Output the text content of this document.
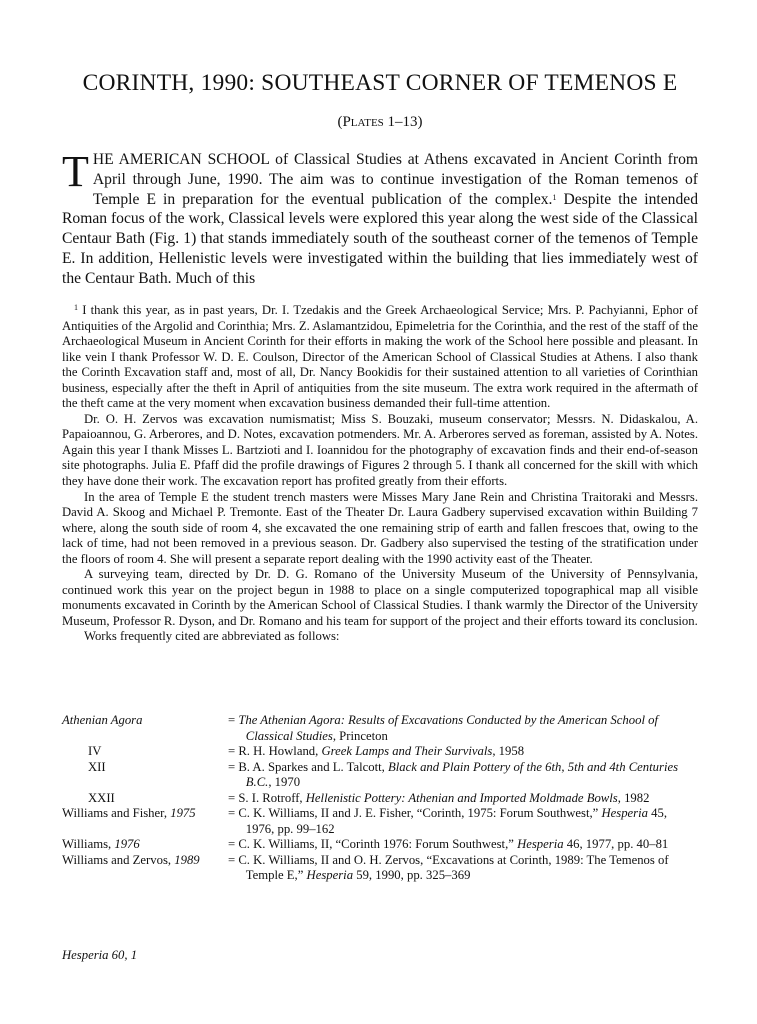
CORINTH, 1990: SOUTHEAST CORNER OF TEMENOS E
(Plates 1–13)

THE AMERICAN SCHOOL of Classical Studies at Athens excavated in Ancient Corinth from April through June, 1990. The aim was to continue investigation of the Roman temenos of Temple E in preparation for the eventual publication of the complex.$^1$ Despite the intended Roman focus of the work, Classical levels were explored this year along the west side of the Classical Centaur Bath (Fig. 1) that stands immediately south of the southeast corner of the temenos of Temple E. In addition, Hellenistic levels were investigated within the building that lies immediately west of the Centaur Bath. Much of this

$^1$ I thank this year, as in past years, Dr. I. Tzedakis and the Greek Archaeological Service; Mrs. P. Pachyianni, Ephor of Antiquities of the Argolid and Corinthia; Mrs. Z. Aslamantzidou, Epimeletria for the Corinthia, and the rest of the staff of the Archaeological Museum in Ancient Corinth for their efforts in making the work of the School here possible and pleasant. In like vein I thank Professor W. D. E. Coulson, Director of the American School of Classical Studies at Athens. I also thank the Corinth Excavation staff and, most of all, Dr. Nancy Bookidis for their sustained attention to all varieties of Corinthian business, especially after the theft in April of antiquities from the site museum. The extra work required in the aftermath of the theft came at the very moment when excavation business demanded their full-time attention.

Dr. O. H. Zervos was excavation numismatist; Miss S. Bouzaki, museum conservator; Messrs. N. Didaskalou, A. Papaioannou, G. Arberores, and D. Notes, excavation potmenders. Mr. A. Arberores served as foreman, assisted by A. Notes. Again this year I thank Misses L. Bartzioti and I. Ioannidou for the photography of excavation finds and their end-of-season site photographs. Julia E. Pfaff did the profile drawings of Figures 2 through 5. I thank all concerned for the skill with which they have done their work. The excavation report has profited greatly from their efforts.

In the area of Temple E the student trench masters were Misses Mary Jane Rein and Christina Traitoraki and Messrs. David A. Skoog and Michael P. Tremonte. East of the Theater Dr. Laura Gadbery supervised excavation within Building 7 where, along the south side of room 4, she excavated the one remaining strip of earth and fallen frescoes that, owing to the lack of time, had not been removed in a previous season. Dr. Gadbery also supervised the testing of the stratification under the floors of room 4. She will present a separate report dealing with the 1990 activity east of the Theater.

A surveying team, directed by Dr. D. G. Romano of the University Museum of the University of Pennsylvania, continued work this year on the project begun in 1988 to place on a single computerized topographical map all visible monuments excavated in Corinth by the American School of Classical Studies. I thank warmly the Director of the University Museum, Professor R. Dyson, and Dr. Romano and his team for support of the project and their efforts toward its conclusion.

Works frequently cited are abbreviated as follows:

Athenian Agora	= The Athenian Agora: Results of Excavations Conducted by the American School of Classical Studies, Princeton
IV	= R. H. Howland, Greek Lamps and Their Survivals, 1958
XII	= B. A. Sparkes and L. Talcott, Black and Plain Pottery of the 6th, 5th and 4th Centuries B.C., 1970
XXII	= S. I. Rotroff, Hellenistic Pottery: Athenian and Imported Moldmade Bowls, 1982
Williams and Fisher, 1975	= C. K. Williams, II and J. E. Fisher, “Corinth, 1975: Forum Southwest,” Hesperia 45, 1976, pp. 99–162
Williams, 1976	= C. K. Williams, II, “Corinth 1976: Forum Southwest,” Hesperia 46, 1977, pp. 40–81
Williams and Zervos, 1989	= C. K. Williams, II and O. H. Zervos, “Excavations at Corinth, 1989: The Temenos of Temple E,” Hesperia 59, 1990, pp. 325–369
Hesperia 60, 1
